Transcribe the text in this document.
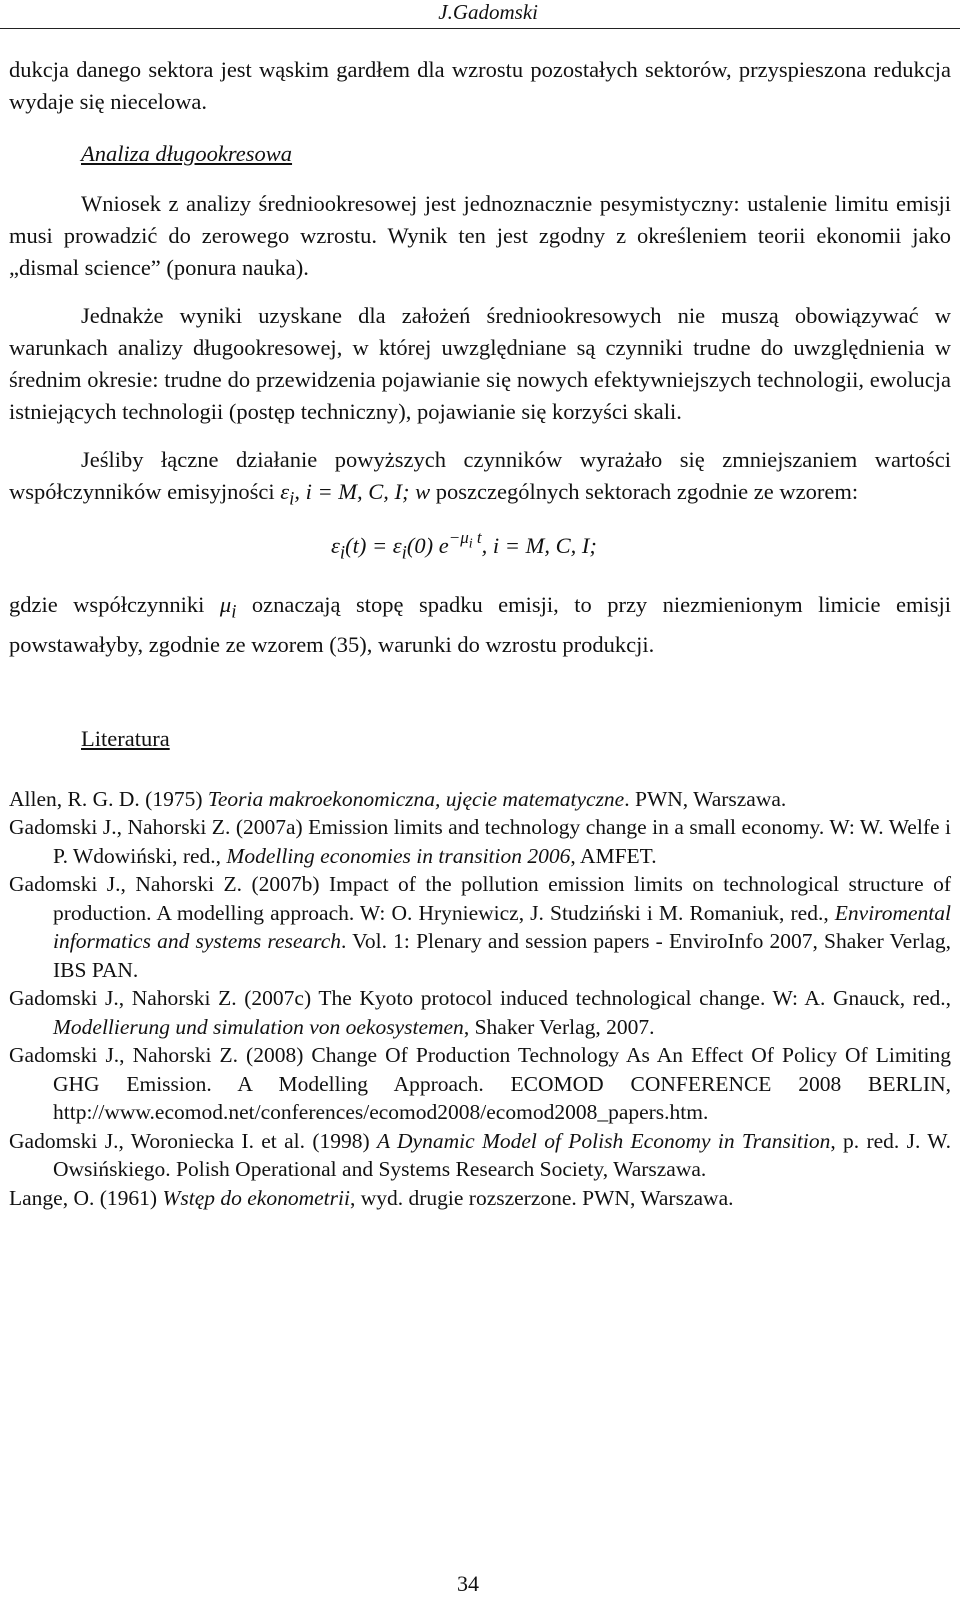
J.Gadomski

dukcja danego sektora jest wąskim gardłem dla wzrostu pozostałych sektorów, przyspieszona redukcja wydaje się niecelowa.

Analiza długookresowa

Wniosek z analizy średniookresowej jest jednoznacznie pesymistyczny: ustalenie limitu emisji musi prowadzić do zerowego wzrostu. Wynik ten jest zgodny z określeniem teorii ekonomii jako „dismal science” (ponura nauka).

Jednakże wyniki uzyskane dla założeń średniookresowych nie muszą obowiązywać w warunkach analizy długookresowej, w której uwzględniane są czynniki trudne do uwzględnienia w średnim okresie: trudne do przewidzenia pojawianie się nowych efektywniejszych technologii, ewolucja istniejących technologii (postęp techniczny), pojawianie się korzyści skali.

Jeśliby łączne działanie powyższych czynników wyrażało się zmniejszaniem wartości współczynników emisyjności $\varepsilon_i$, i = M, C, I; w poszczególnych sektorach zgodnie ze wzorem:

$\varepsilon_i(t) = \varepsilon_i(0)$ $e^{-\mu_i t}$, i = M, C, I;

gdzie współczynniki $\mu_i$ oznaczają stopę spadku emisji, to przy niezmienionym limicie emisji powstawałyby, zgodnie ze wzorem (35), warunki do wzrostu produkcji.

Literatura

Allen, R. G. D. (1975) Teoria makroekonomiczna, ujęcie matematyczne. PWN, Warszawa.

Gadomski J., Nahorski Z. (2007a) Emission limits and technology change in a small economy. W: W. Welfe i P. Wdowiński, red., Modelling economies in transition 2006, AMFET.

Gadomski J., Nahorski Z. (2007b) Impact of the pollution emission limits on technological structure of production. A modelling approach. W: O. Hryniewicz, J. Studziński i M. Romaniuk, red., Enviromental informatics and systems research. Vol. 1: Plenary and session papers - EnviroInfo 2007, Shaker Verlag, IBS PAN.

Gadomski J., Nahorski Z. (2007c) The Kyoto protocol induced technological change. W: A. Gnauck, red., Modellierung und simulation von oekosystemen, Shaker Verlag, 2007.

Gadomski J., Nahorski Z. (2008) Change Of Production Technology As An Effect Of Policy Of Limiting GHG Emission. A Modelling Approach. ECOMOD CONFERENCE 2008 BERLIN, http://www.ecomod.net/conferences/ecomod2008/ecomod2008_papers.htm.

Gadomski J., Woroniecka I. et al. (1998) A Dynamic Model of Polish Economy in Transition, p. red. J. W. Owsińskiego. Polish Operational and Systems Research Society, Warszawa.

Lange, O. (1961) Wstęp do ekonometrii, wyd. drugie rozszerzone. PWN, Warszawa.

34
